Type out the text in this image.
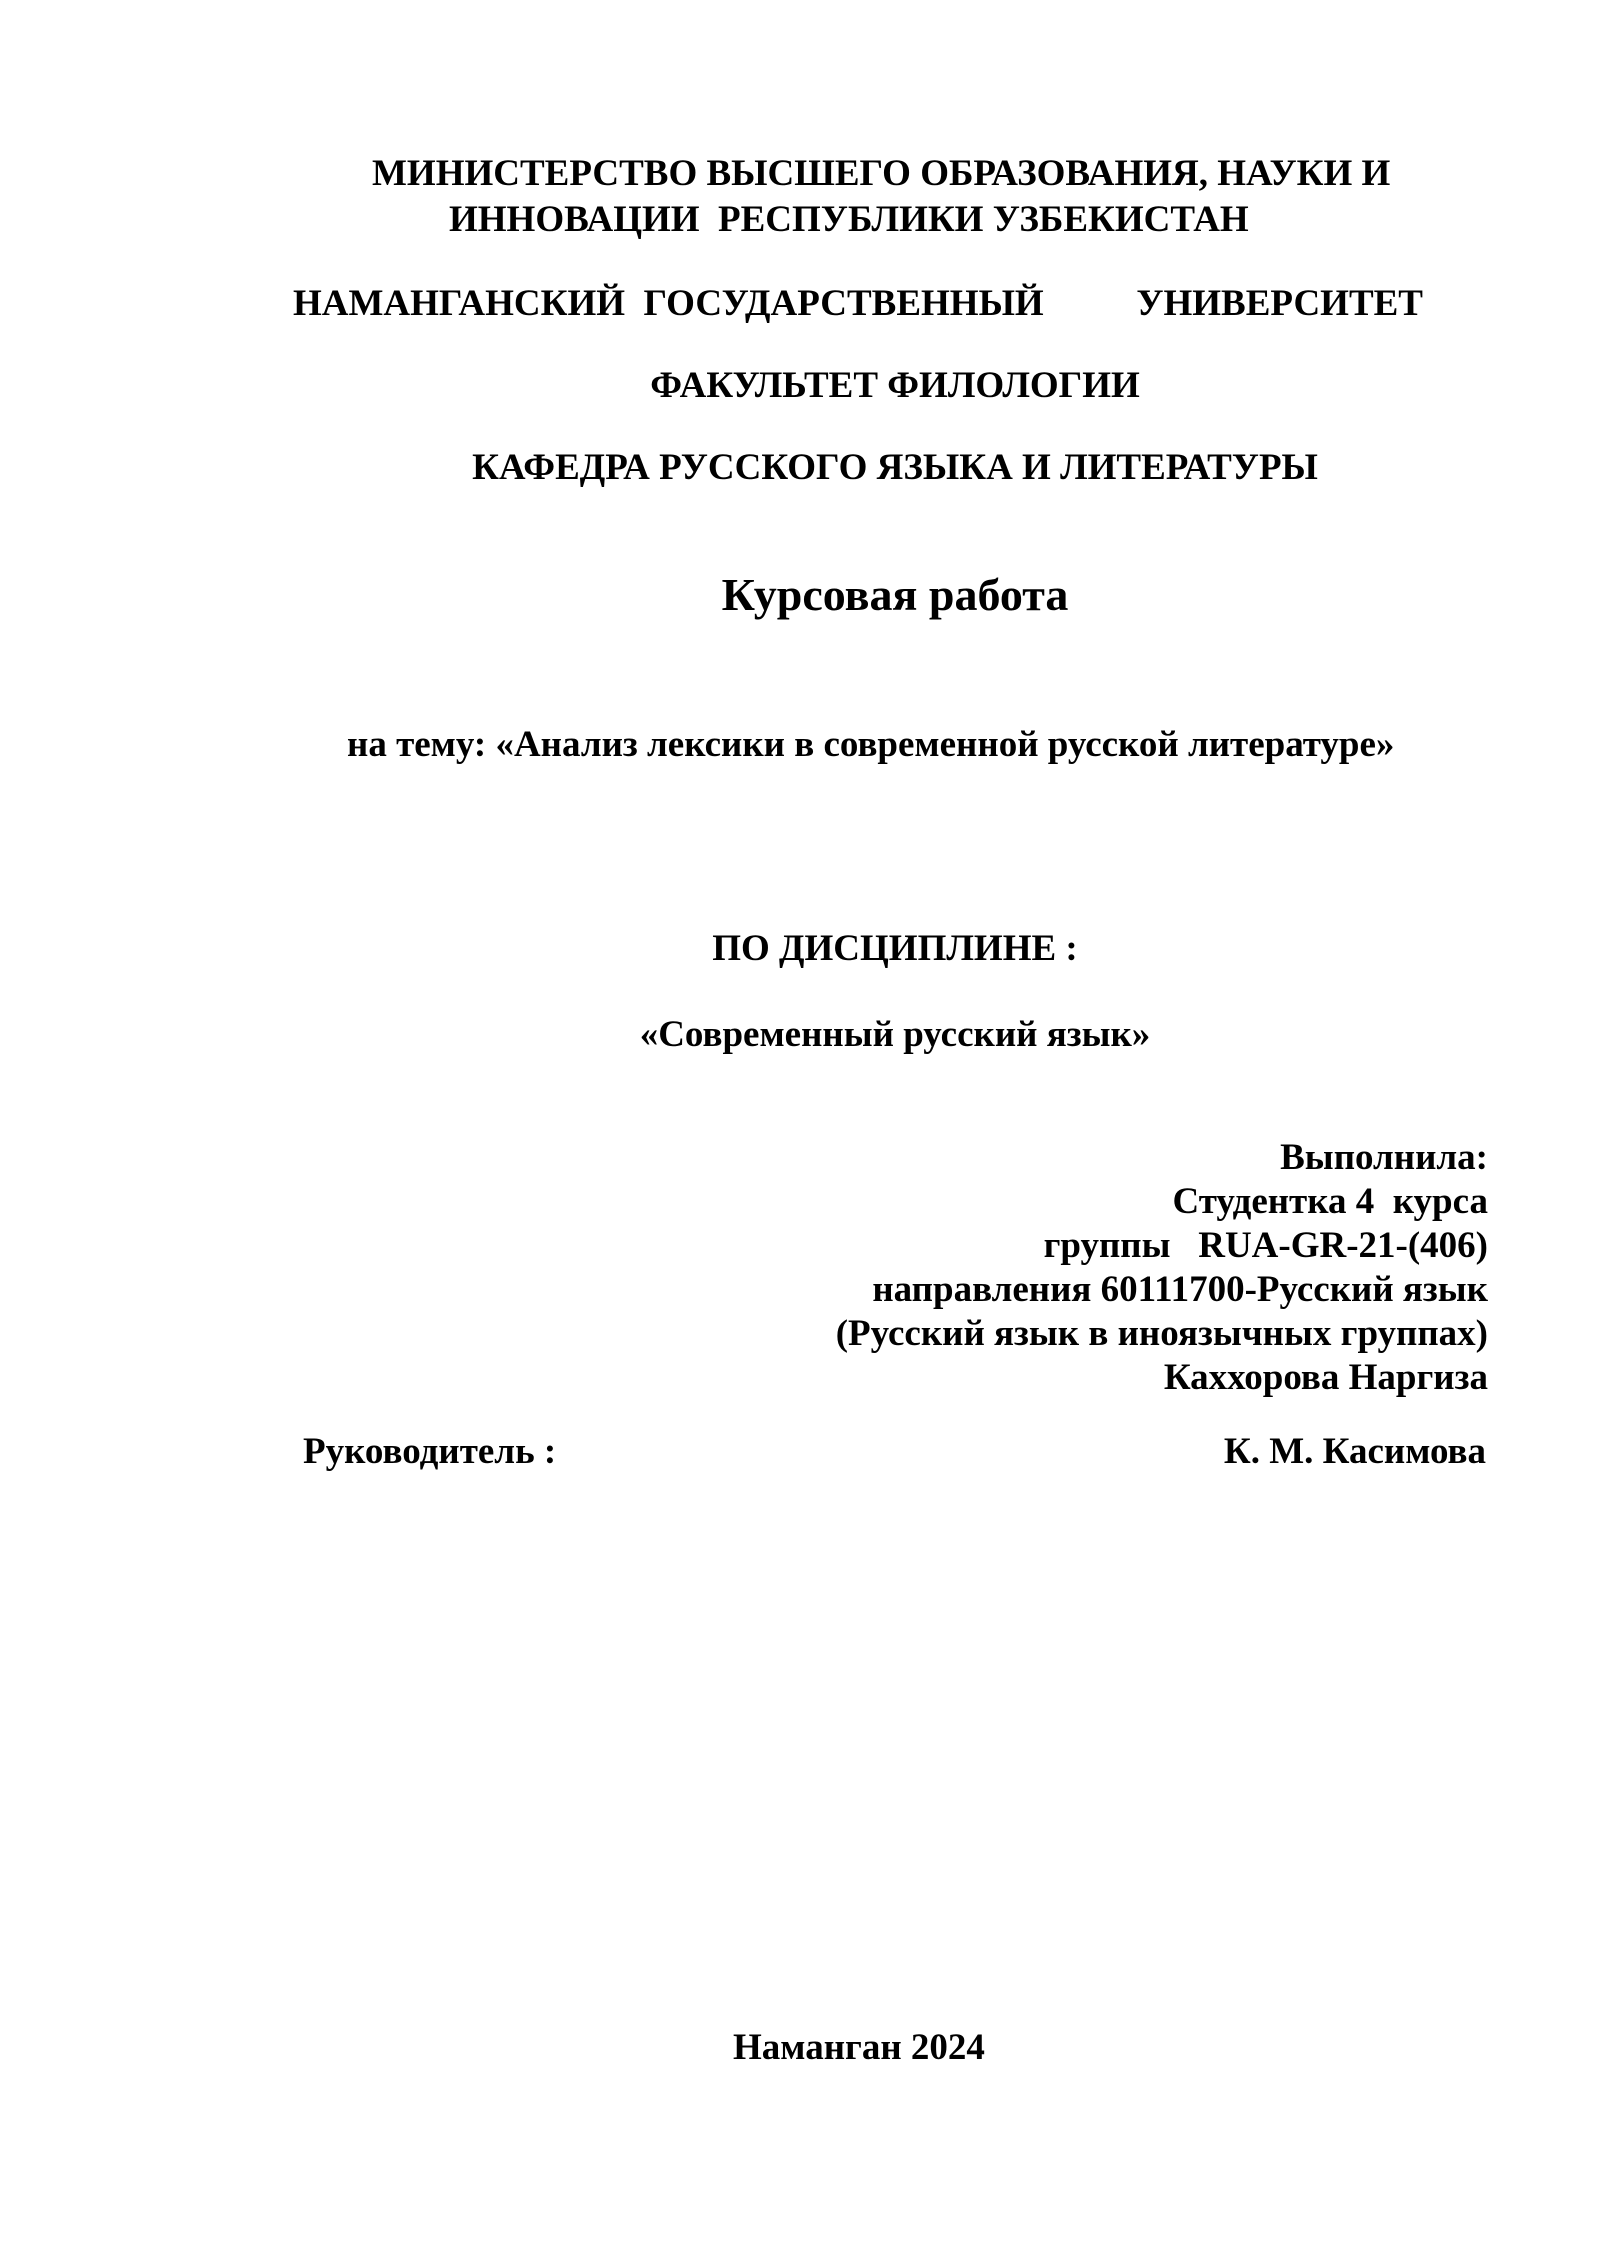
МИНИСТЕРСТВО ВЫСШЕГО ОБРАЗОВАНИЯ, НАУКИ И
ИННОВАЦИИ  РЕСПУБЛИКИ УЗБЕКИСТАН
НАМАНГАНСКИЙ  ГОСУДАРСТВЕННЫЙ	УНИВЕРСИТЕТ
ФАКУЛЬТЕТ ФИЛОЛОГИИ
КАФЕДРА РУССКОГО ЯЗЫКА И ЛИТЕРАТУРЫ
Курсовая работа
на тему: «Анализ лексики в современной русской литературе»
ПО ДИСЦИПЛИНЕ :
«Современный русский язык»
Выполнила:
Студентка 4  курса
группы   RUA-GR-21-(406)
направления 60111700-Русский язык
(Русский язык в иноязычных группах)
Каххорова Наргиза
Руководитель :	К. М. Касимова
Наманган 2024
